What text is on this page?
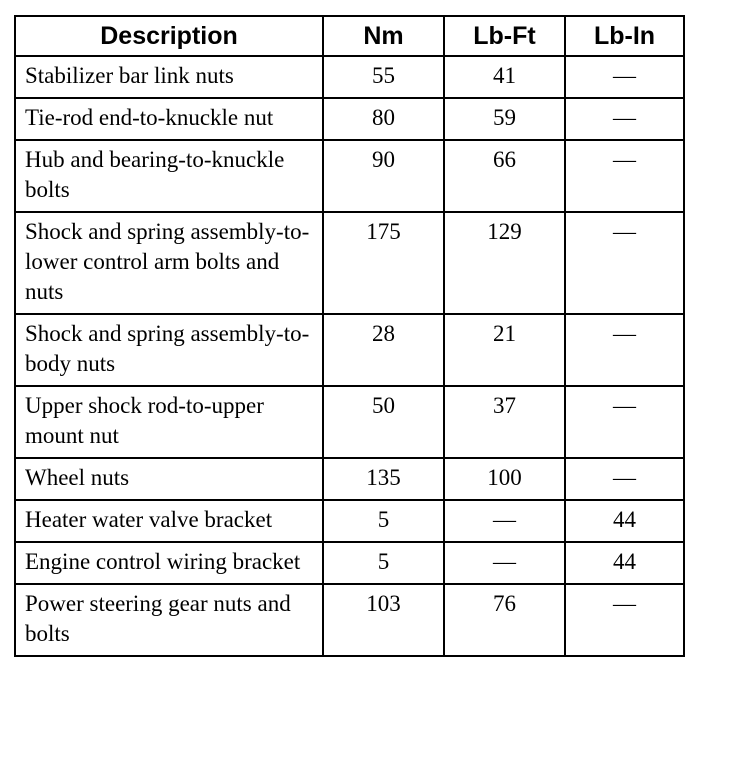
Description	Nm	Lb-Ft	Lb-In
Stabilizer bar link nuts	55	41	—
Tie-rod end-to-knuckle nut	80	59	—
Hub and bearing-to-knuckle bolts	90	66	—
Shock and spring assembly-to-lower control arm bolts and nuts	175	129	—
Shock and spring assembly-to-body nuts	28	21	—
Upper shock rod-to-upper mount nut	50	37	—
Wheel nuts	135	100	—
Heater water valve bracket	5	—	44
Engine control wiring bracket	5	—	44
Power steering gear nuts and bolts	103	76	—
